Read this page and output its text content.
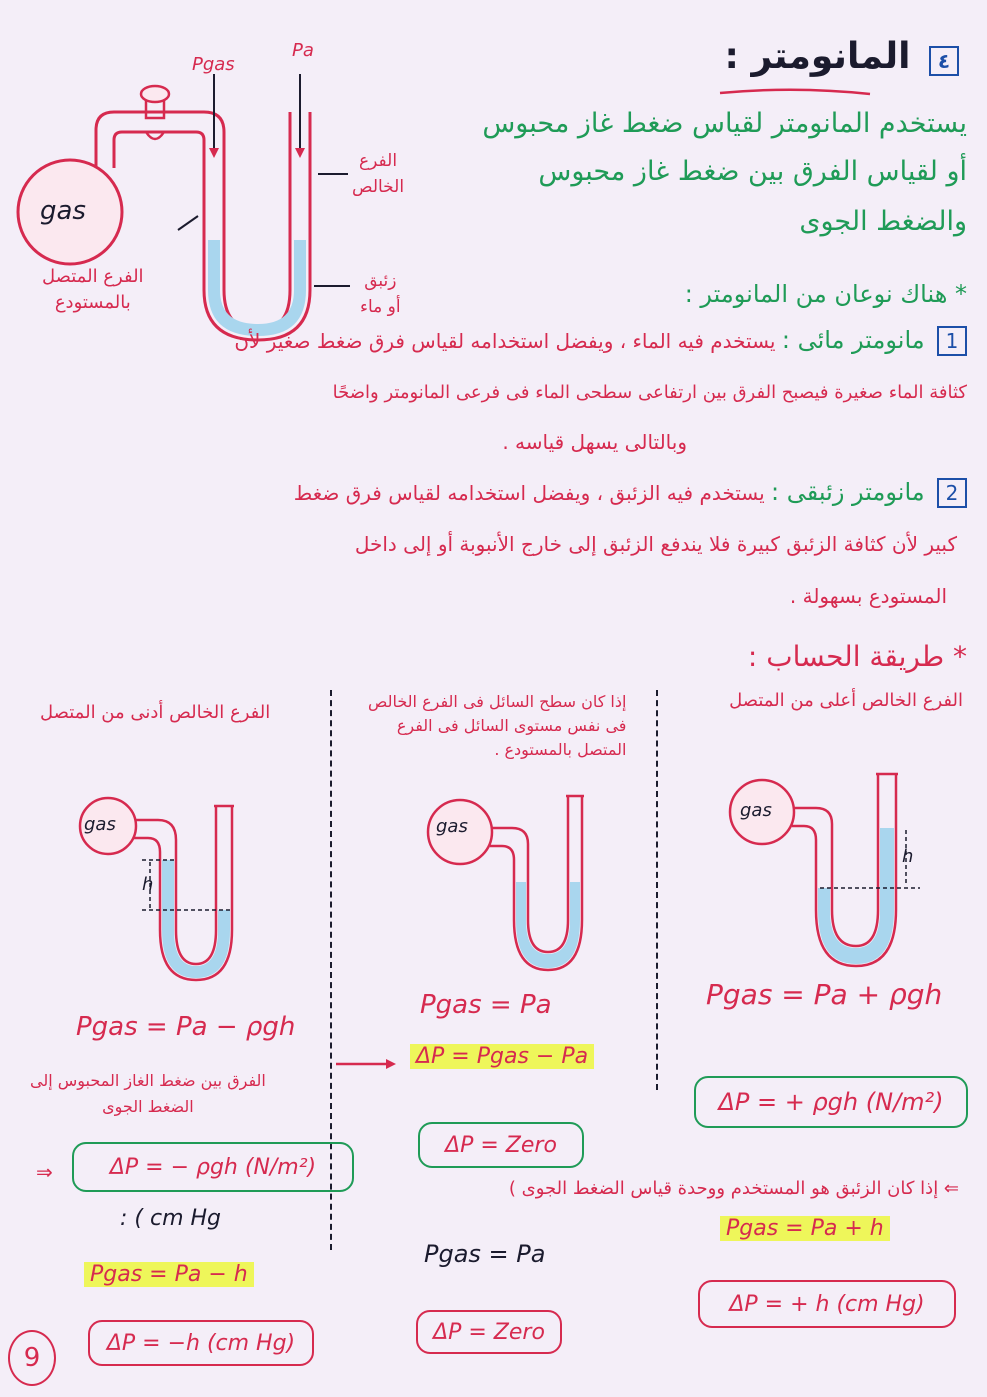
٤ المانومتر :
يستخدم المانومتر لقياس ضغط غاز محبوس
أو لقياس الفرق بين ضغط غاز محبوس
والضغط الجوى
Pgas
Pa
gas
الفرع
الخالص
الفرع المتصل
بالمستودع
زئبق
أو ماء	* هناك نوعان من المانومتر :
1 مانومتر مائى : يستخدم فيه الماء ، ويفضل استخدامه لقياس فرق ضغط صغير لأن
كثافة الماء صغيرة فيصبح الفرق بين ارتفاعى سطحى الماء فى فرعى المانومتر واضحًا
وبالتالى يسهل قياسه .
2 مانومتر زئبقى : يستخدم فيه الزئبق ، ويفضل استخدامه لقياس فرق ضغط
كبير لأن كثافة الزئبق كبيرة فلا يندفع الزئبق إلى خارج الأنبوبة أو إلى داخل
المستودع بسهولة .
* طريقة الحساب :
الفرع الخالص أعلى من المتصل
إذا كان سطح السائل فى الفرع الخالص
فى نفس مستوى السائل فى الفرع
المتصل بالمستودع .
الفرع الخالص أدنى من المتصل
gas
h
gas
gas
h
Pgas = Pa + ρgh
ΔP = + ρgh (N/m²)
Pgas = Pa + h
ΔP = + h (cm Hg)
Pgas = Pa
ΔP = Pgas − Pa
ΔP = Zero
Pgas = Pa
ΔP = Zero
Pgas = Pa − ρgh
الفرق بين ضغط الغاز المحبوس إلى
الضغط الجوى
⇒	ΔP = − ρgh (N/m²)
: ( cm Hg
Pgas = Pa − h
ΔP = −h (cm Hg)
⇐ إذا كان الزئبق هو المستخدم ووحدة قياس الضغط الجوى )
9
